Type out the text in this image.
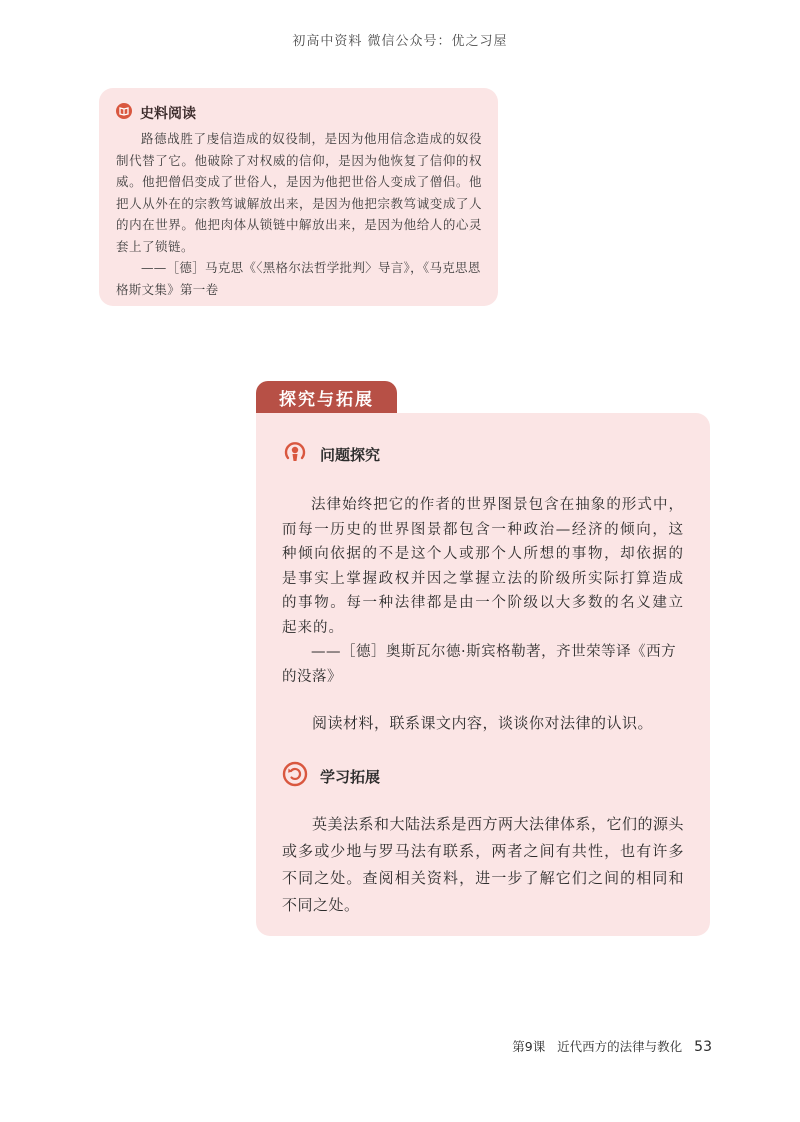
初高中资料 微信公众号：优之习屋
史料阅读

路德战胜了虔信造成的奴役制，是因为他用信念造成的奴役制代替了它。他破除了对权威的信仰，是因为他恢复了信仰的权威。他把僧侣变成了世俗人，是因为他把世俗人变成了僧侣。他把人从外在的宗教笃诚解放出来，是因为他把宗教笃诚变成了人的内在世界。他把肉体从锁链中解放出来，是因为他给人的心灵套上了锁链。

——［德］马克思《〈黑格尔法哲学批判〉导言》，《马克思恩格斯文集》第一卷

探究与拓展
问题探究

法律始终把它的作者的世界图景包含在抽象的形式中，而每一历史的世界图景都包含一种政治—经济的倾向，这种倾向依据的不是这个人或那个人所想的事物，却依据的是事实上掌握政权并因之掌握立法的阶级所实际打算造成的事物。每一种法律都是由一个阶级以大多数的名义建立起来的。

——［德］奥斯瓦尔德·斯宾格勒著，齐世荣等译《西方的没落》

阅读材料，联系课文内容，谈谈你对法律的认识。

学习拓展

英美法系和大陆法系是西方两大法律体系，它们的源头或多或少地与罗马法有联系，两者之间有共性，也有许多不同之处。查阅相关资料，进一步了解它们之间的相同和不同之处。

第9课 近代西方的法律与教化 53
